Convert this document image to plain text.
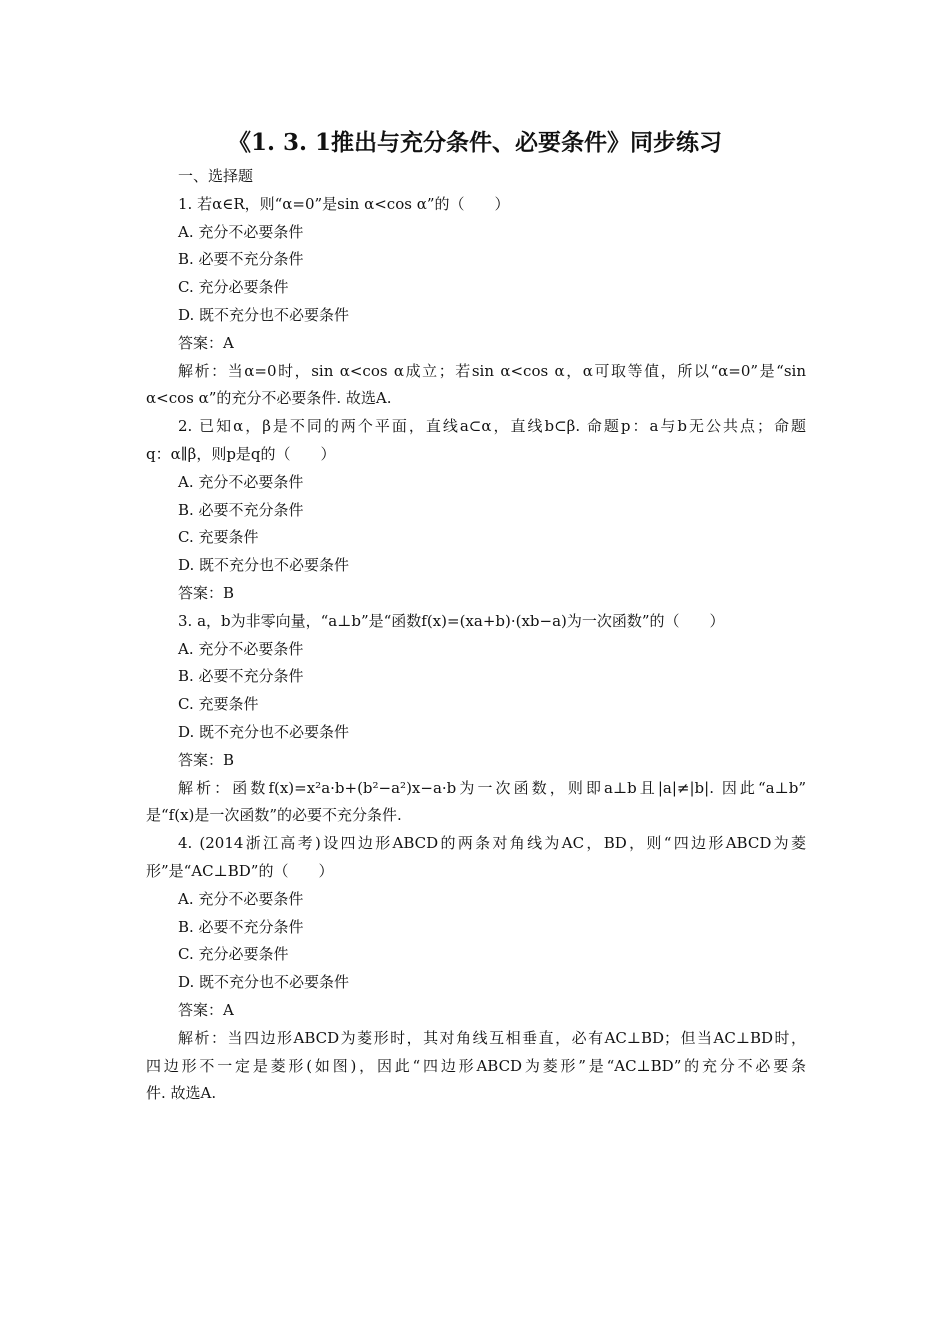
《1. 3. 1推出与充分条件、必要条件》同步练习
一、选择题
1. 若α∈R，则“α=0”是sin α<cos α”的（　　）
A. 充分不必要条件
B. 必要不充分条件
C. 充分必要条件
D. 既不充分也不必要条件
答案：A
解析：当α=0时，sin α<cos α成立；若sin α<cos α，α可取等值，所以“α=0”是“sin
α<cos α”的充分不必要条件. 故选A.
2. 已知α，β是不同的两个平面，直线a⊂α，直线b⊂β. 命题p：a与b无公共点；命题
q：α∥β，则p是q的（　　）
A. 充分不必要条件
B. 必要不充分条件
C. 充要条件
D. 既不充分也不必要条件
答案：B
3. a，b为非零向量，“a⊥b”是“函数f(x)=(xa+b)·(xb−a)为一次函数”的（　　）
A. 充分不必要条件
B. 必要不充分条件
C. 充要条件
D. 既不充分也不必要条件
答案：B
解析：函数f(x)=x²a·b+(b²−a²)x−a·b为一次函数，则即a⊥b且|a|≠|b|. 因此“a⊥b”
是“f(x)是一次函数”的必要不充分条件.
4. (2014浙江高考)设四边形ABCD的两条对角线为AC，BD，则“四边形ABCD为菱
形”是“AC⊥BD”的（　　）
A. 充分不必要条件
B. 必要不充分条件
C. 充分必要条件
D. 既不充分也不必要条件
答案：A
解析：当四边形ABCD为菱形时，其对角线互相垂直，必有AC⊥BD；但当AC⊥BD时，
四边形不一定是菱形(如图)，因此“四边形ABCD为菱形”是“AC⊥BD”的充分不必要条
件. 故选A.
